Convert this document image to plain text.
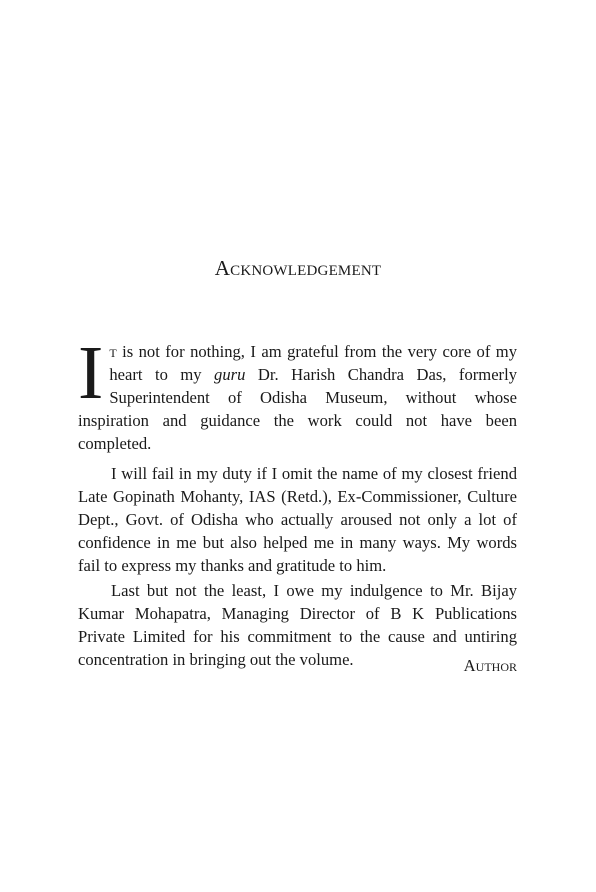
Acknowledgement

It is not for nothing, I am grateful from the very core of my heart to my guru Dr. Harish Chandra Das, formerly Superintendent of Odisha Museum, without whose inspiration and guidance the work could not have been completed.

I will fail in my duty if I omit the name of my closest friend Late Gopinath Mohanty, IAS (Retd.), Ex-Commissioner, Culture Dept., Govt. of Odisha who actually aroused not only a lot of confidence in me but also helped me in many ways. My words fail to express my thanks and gratitude to him.

Last but not the least, I owe my indulgence to Mr. Bijay Kumar Mohapatra, Managing Director of B K Publications Private Limited for his commitment to the cause and untiring concentration in bringing out the volume.	Author
